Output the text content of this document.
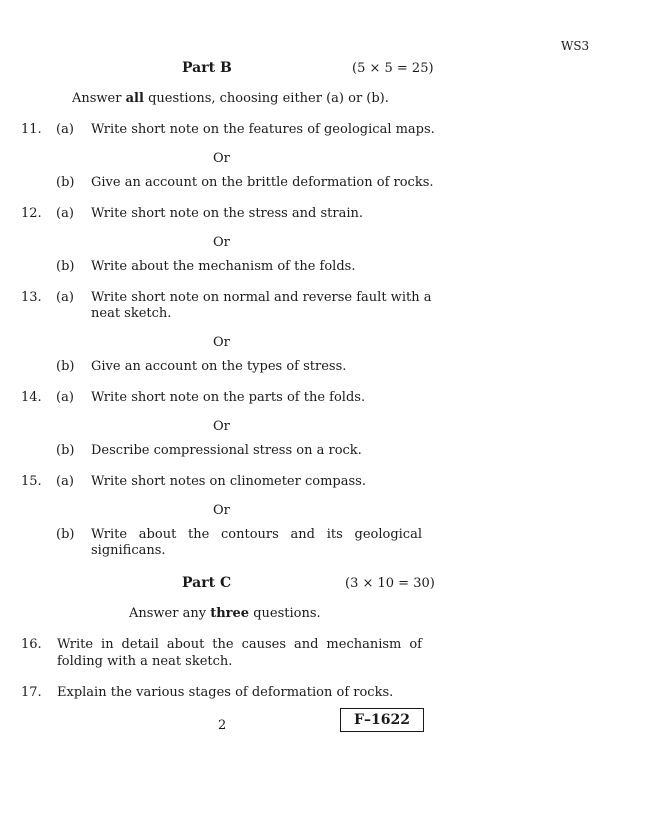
WS3
Part B	(5 × 5 = 25)
Answer all questions, choosing either (a) or (b).
11. (a) Write short note on the features of geological maps.
Or
(b) Give an account on the brittle deformation of rocks.
12. (a) Write short note on the stress and strain.
Or
(b) Write about the mechanism of the folds.
13. (a) Write short note on normal and reverse fault with a
neat sketch.
Or
(b) Give an account on the types of stress.
14. (a) Write short note on the parts of the folds.
Or
(b) Describe compressional stress on a rock.
15. (a) Write short notes on clinometer compass.
Or
(b) Write about the contours and its geological
significans.
Part C	(3 × 10 = 30)
Answer any three questions.
16. Write in detail about the causes and mechanism of
folding with a neat sketch.
17. Explain the various stages of deformation of rocks.
2	F–1622
